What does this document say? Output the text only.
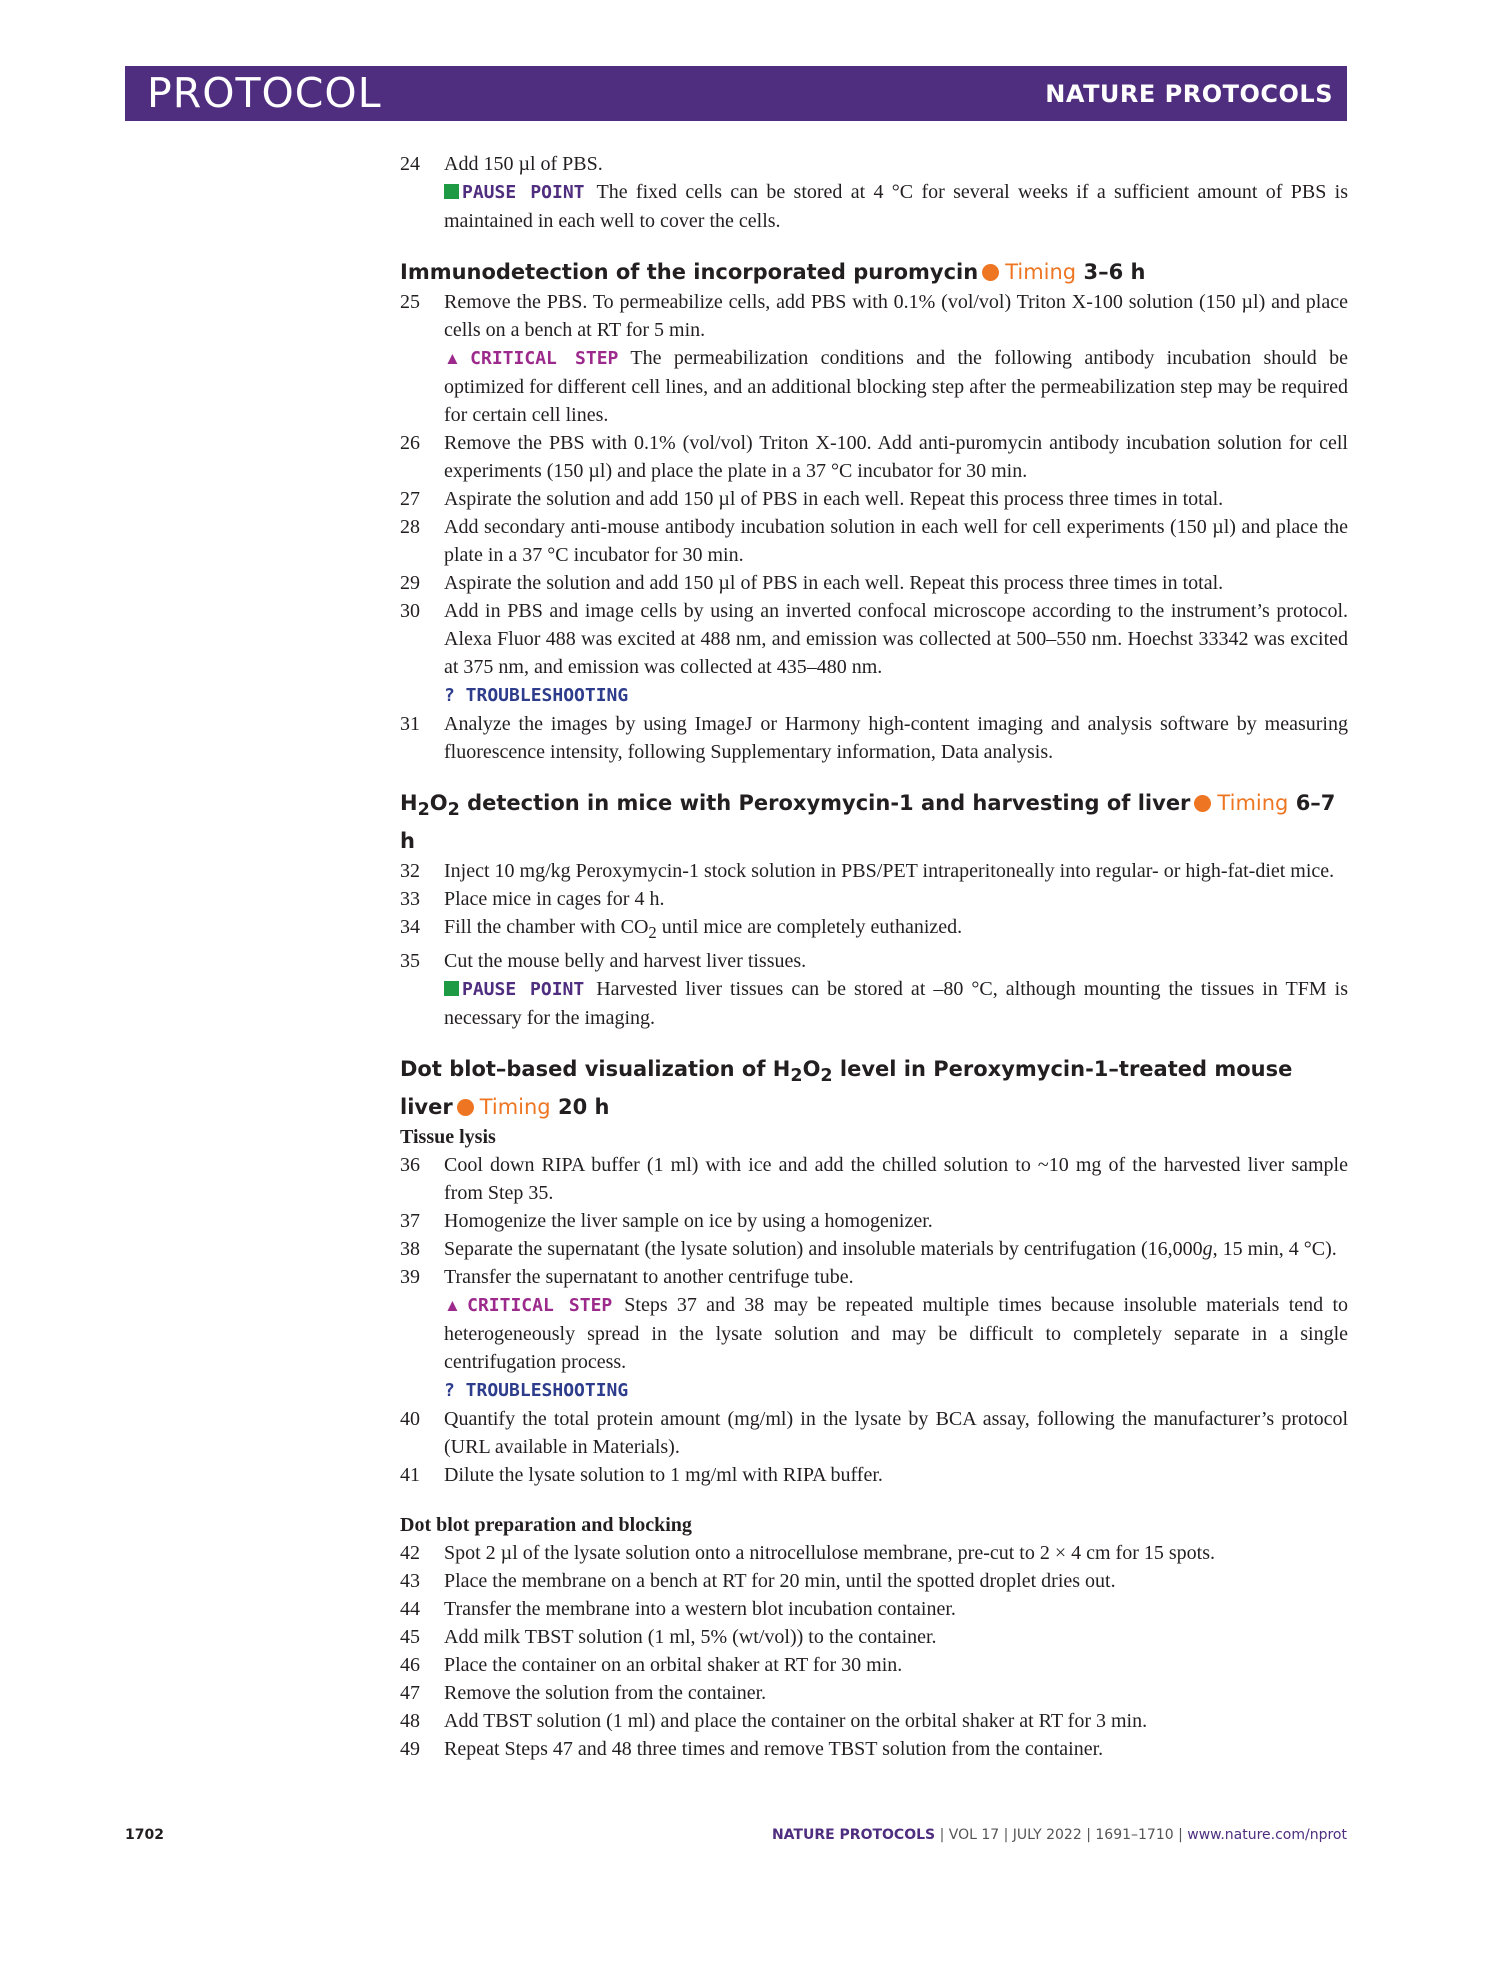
PROTOCOL	NATURE PROTOCOLS
24 Add 150 µl of PBS.
PAUSE POINT The fixed cells can be stored at 4 °C for several weeks if a sufficient amount of PBS is maintained in each well to cover the cells.
Immunodetection of the incorporated puromycin Timing 3–6 h
25 Remove the PBS. To permeabilize cells, add PBS with 0.1% (vol/vol) Triton X-100 solution (150 µl) and place cells on a bench at RT for 5 min.
▲ CRITICAL STEP The permeabilization conditions and the following antibody incubation should be optimized for different cell lines, and an additional blocking step after the permeabilization step may be required for certain cell lines.
26 Remove the PBS with 0.1% (vol/vol) Triton X-100. Add anti-puromycin antibody incubation solution for cell experiments (150 µl) and place the plate in a 37 °C incubator for 30 min.
27 Aspirate the solution and add 150 µl of PBS in each well. Repeat this process three times in total.
28 Add secondary anti-mouse antibody incubation solution in each well for cell experiments (150 µl) and place the plate in a 37 °C incubator for 30 min.
29 Aspirate the solution and add 150 µl of PBS in each well. Repeat this process three times in total.
30 Add in PBS and image cells by using an inverted confocal microscope according to the instrument’s protocol. Alexa Fluor 488 was excited at 488 nm, and emission was collected at 500–550 nm. Hoechst 33342 was excited at 375 nm, and emission was collected at 435–480 nm.
? TROUBLESHOOTING
31 Analyze the images by using ImageJ or Harmony high-content imaging and analysis software by measuring fluorescence intensity, following Supplementary information, Data analysis.
$H_2O_2$ detection in mice with Peroxymycin-1 and harvesting of liver Timing 6–7 h
32 Inject 10 mg/kg Peroxymycin-1 stock solution in PBS/PET intraperitoneally into regular- or high-fat-diet mice.
33 Place mice in cages for 4 h.
34 Fill the chamber with $CO_2$ until mice are completely euthanized.
35 Cut the mouse belly and harvest liver tissues.
PAUSE POINT Harvested liver tissues can be stored at –80 °C, although mounting the tissues in TFM is necessary for the imaging.
Dot blot–based visualization of $H_2O_2$ level in Peroxymycin-1–treated mouse liver Timing 20 h
Tissue lysis
36 Cool down RIPA buffer (1 ml) with ice and add the chilled solution to ~10 mg of the harvested liver sample from Step 35.
37 Homogenize the liver sample on ice by using a homogenizer.
38 Separate the supernatant (the lysate solution) and insoluble materials by centrifugation (16,000g, 15 min, 4 °C).
39 Transfer the supernatant to another centrifuge tube.
▲ CRITICAL STEP Steps 37 and 38 may be repeated multiple times because insoluble materials tend to heterogeneously spread in the lysate solution and may be difficult to completely separate in a single centrifugation process.
? TROUBLESHOOTING
40 Quantify the total protein amount (mg/ml) in the lysate by BCA assay, following the manufacturer’s protocol (URL available in Materials).
41 Dilute the lysate solution to 1 mg/ml with RIPA buffer.
Dot blot preparation and blocking
42 Spot 2 µl of the lysate solution onto a nitrocellulose membrane, pre-cut to 2 × 4 cm for 15 spots.
43 Place the membrane on a bench at RT for 20 min, until the spotted droplet dries out.
44 Transfer the membrane into a western blot incubation container.
45 Add milk TBST solution (1 ml, 5% (wt/vol)) to the container.
46 Place the container on an orbital shaker at RT for 30 min.
47 Remove the solution from the container.
48 Add TBST solution (1 ml) and place the container on the orbital shaker at RT for 3 min.
49 Repeat Steps 47 and 48 three times and remove TBST solution from the container.
1702	NATURE PROTOCOLS | VOL 17 | JULY 2022 | 1691–1710 | www.nature.com/nprot
